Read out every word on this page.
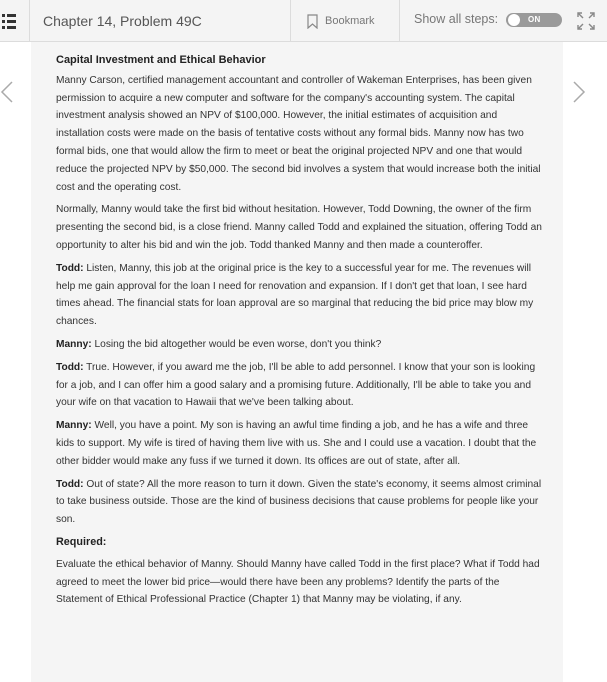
Chapter 14, Problem 49C	Bookmark	Show all steps:	ON
Capital Investment and Ethical Behavior

Manny Carson, certified management accountant and controller of Wakeman Enterprises, has been given permission to acquire a new computer and software for the company's accounting system. The capital investment analysis showed an NPV of $100,000. However, the initial estimates of acquisition and installation costs were made on the basis of tentative costs without any formal bids. Manny now has two formal bids, one that would allow the firm to meet or beat the original projected NPV and one that would reduce the projected NPV by $50,000. The second bid involves a system that would increase both the initial cost and the operating cost.

Normally, Manny would take the first bid without hesitation. However, Todd Downing, the owner of the firm presenting the second bid, is a close friend. Manny called Todd and explained the situation, offering Todd an opportunity to alter his bid and win the job. Todd thanked Manny and then made a counteroffer.

Todd: Listen, Manny, this job at the original price is the key to a successful year for me. The revenues will help me gain approval for the loan I need for renovation and expansion. If I don't get that loan, I see hard times ahead. The financial stats for loan approval are so marginal that reducing the bid price may blow my chances.

Manny: Losing the bid altogether would be even worse, don't you think?

Todd: True. However, if you award me the job, I'll be able to add personnel. I know that your son is looking for a job, and I can offer him a good salary and a promising future. Additionally, I'll be able to take you and your wife on that vacation to Hawaii that we've been talking about.

Manny: Well, you have a point. My son is having an awful time finding a job, and he has a wife and three kids to support. My wife is tired of having them live with us. She and I could use a vacation. I doubt that the other bidder would make any fuss if we turned it down. Its offices are out of state, after all.

Todd: Out of state? All the more reason to turn it down. Given the state's economy, it seems almost criminal to take business outside. Those are the kind of business decisions that cause problems for people like your son.

Required:

Evaluate the ethical behavior of Manny. Should Manny have called Todd in the first place? What if Todd had agreed to meet the lower bid price—would there have been any problems? Identify the parts of the Statement of Ethical Professional Practice (Chapter 1) that Manny may be violating, if any.
